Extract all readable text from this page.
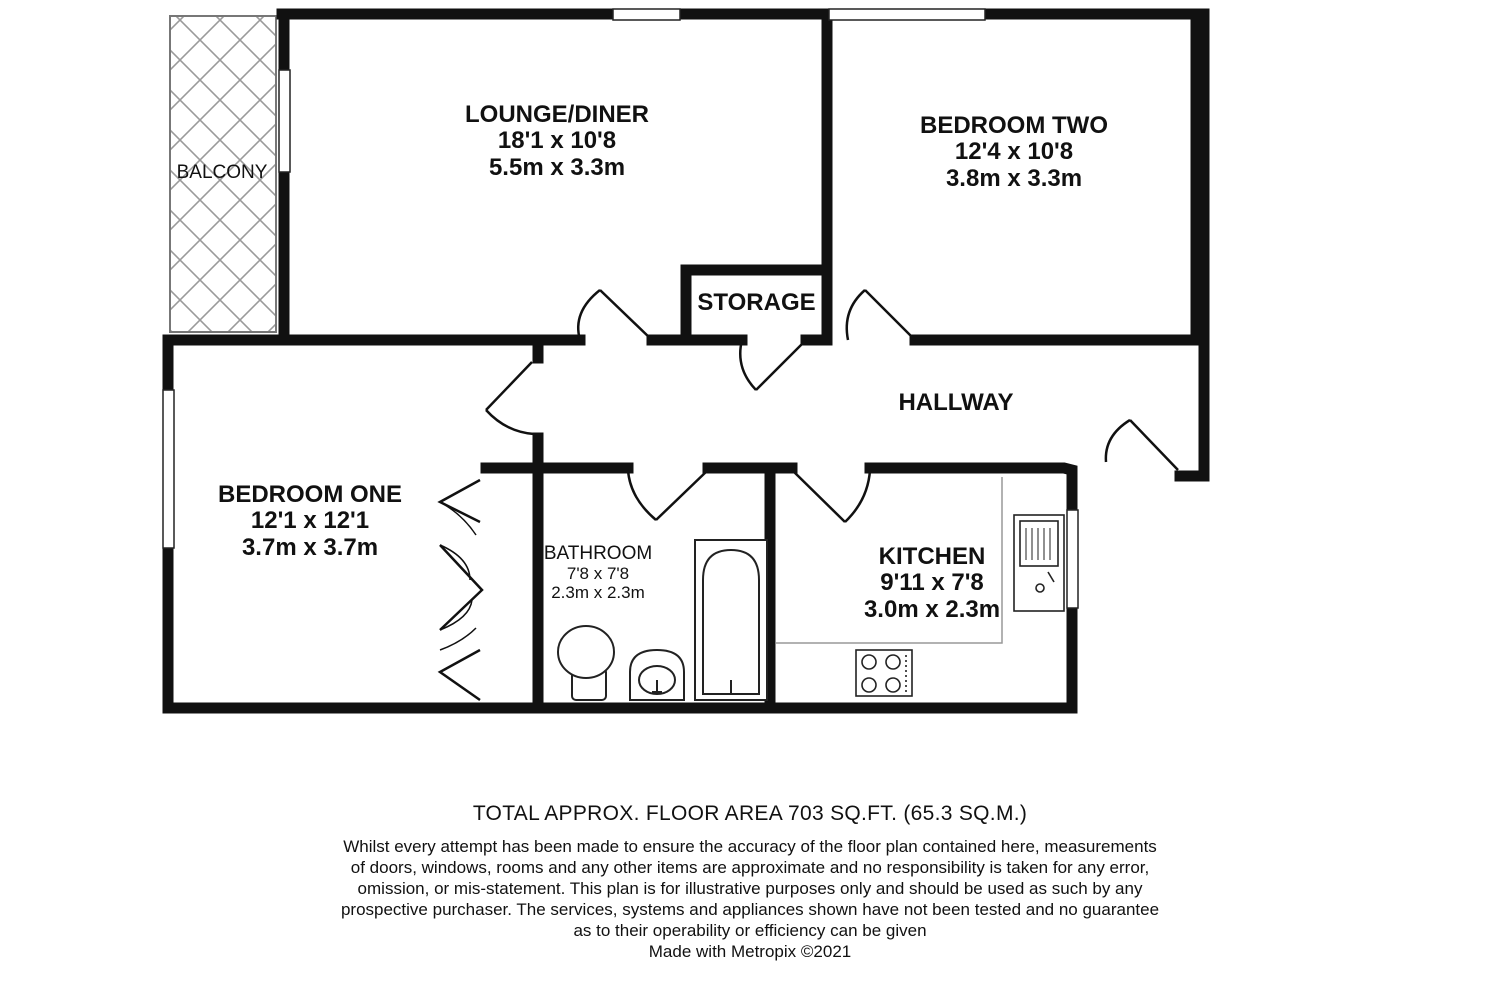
LOUNGE/DINER
18'1 x 10'8
5.5m x 3.3m
BEDROOM TWO
12'4 x 10'8
3.8m x 3.3m
BEDROOM ONE
12'1 x 12'1
3.7m x 3.7m	BATHROOM
7'8 x 7'8
2.3m x 2.3m
KITCHEN
9'11 x 7'8
3.0m x 2.3m
BALCONY
STORAGE
HALLWAY
TOTAL APPROX. FLOOR AREA 703 SQ.FT. (65.3 SQ.M.)
Whilst every attempt has been made to ensure the accuracy of the floor plan contained here, measurements
of doors, windows, rooms and any other items are approximate and no responsibility is taken for any error,
omission, or mis-statement. This plan is for illustrative purposes only and should be used as such by any
prospective purchaser. The services, systems and appliances shown have not been tested and no guarantee
as to their operability or efficiency can be given
Made with Metropix ©2021
